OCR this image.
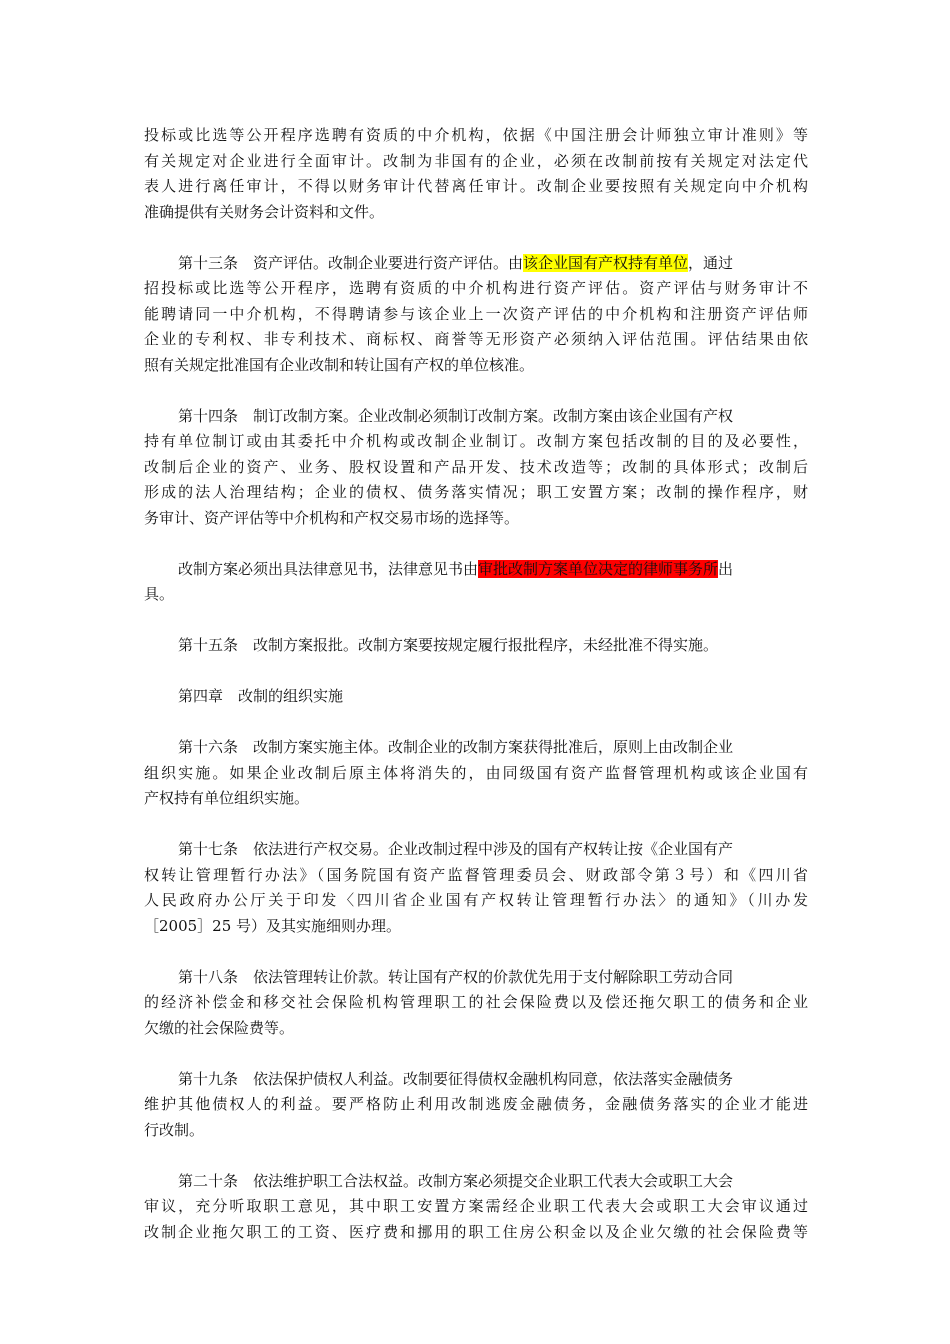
投标或比选等公开程序选聘有资质的中介机构，依据《中国注册会计师独立审计准则》等
有关规定对企业进行全面审计。改制为非国有的企业，必须在改制前按有关规定对法定代
表人进行离任审计，不得以财务审计代替离任审计。改制企业要按照有关规定向中介机构
准确提供有关财务会计资料和文件。
第十三条　资产评估。改制企业要进行资产评估。由该企业国有产权持有单位，通过
招投标或比选等公开程序，选聘有资质的中介机构进行资产评估。资产评估与财务审计不
能聘请同一中介机构，不得聘请参与该企业上一次资产评估的中介机构和注册资产评估师
企业的专利权、非专利技术、商标权、商誉等无形资产必须纳入评估范围。评估结果由依
照有关规定批准国有企业改制和转让国有产权的单位核准。
第十四条　制订改制方案。企业改制必须制订改制方案。改制方案由该企业国有产权
持有单位制订或由其委托中介机构或改制企业制订。改制方案包括改制的目的及必要性，
改制后企业的资产、业务、股权设置和产品开发、技术改造等；改制的具体形式；改制后
形成的法人治理结构；企业的债权、债务落实情况；职工安置方案；改制的操作程序，财
务审计、资产评估等中介机构和产权交易市场的选择等。
改制方案必须出具法律意见书，法律意见书由审批改制方案单位决定的律师事务所出
具。
第十五条　改制方案报批。改制方案要按规定履行报批程序，未经批准不得实施。
第四章　改制的组织实施
第十六条　改制方案实施主体。改制企业的改制方案获得批准后，原则上由改制企业
组织实施。如果企业改制后原主体将消失的，由同级国有资产监督管理机构或该企业国有
产权持有单位组织实施。
第十七条　依法进行产权交易。企业改制过程中涉及的国有产权转让按《企业国有产
权转让管理暂行办法》（国务院国有资产监督管理委员会、财政部令第３号）和《四川省
人民政府办公厅关于印发〈四川省企业国有产权转让管理暂行办法〉的通知》（川办发
［2005］25 号）及其实施细则办理。
第十八条　依法管理转让价款。转让国有产权的价款优先用于支付解除职工劳动合同
的经济补偿金和移交社会保险机构管理职工的社会保险费以及偿还拖欠职工的债务和企业
欠缴的社会保险费等。
第十九条　依法保护债权人利益。改制要征得债权金融机构同意，依法落实金融债务
维护其他债权人的利益。要严格防止利用改制逃废金融债务，金融债务落实的企业才能进
行改制。
第二十条　依法维护职工合法权益。改制方案必须提交企业职工代表大会或职工大会
审议，充分听取职工意见，其中职工安置方案需经企业职工代表大会或职工大会审议通过
改制企业拖欠职工的工资、医疗费和挪用的职工住房公积金以及企业欠缴的社会保险费等
